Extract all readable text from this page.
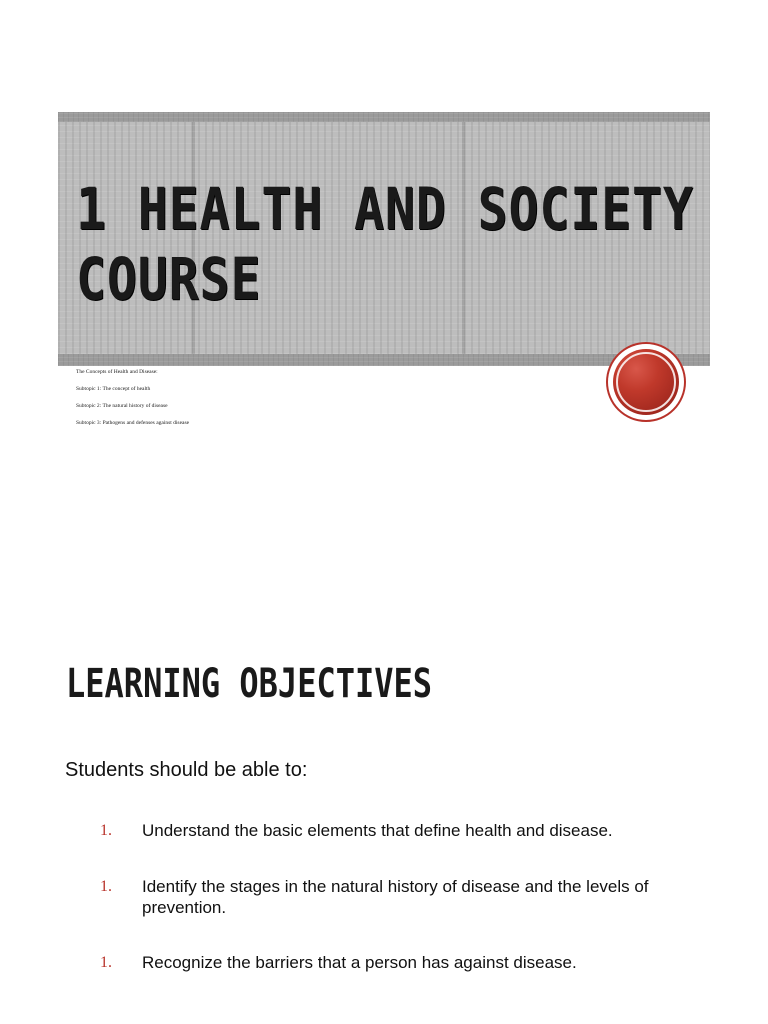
1 HEALTH AND SOCIETY
COURSE
The Concepts of Health and Disease:
Subtopic 1: The concept of health
Subtopic 2: The natural history of disease
Subtopic 3: Pathogens and defenses against disease
LEARNING OBJECTIVES
Students should be able to:
1. Understand the basic elements that define health and disease.
1. Identify the stages in the natural history of disease and the levels of prevention.
1. Recognize the barriers that a person has against disease.
